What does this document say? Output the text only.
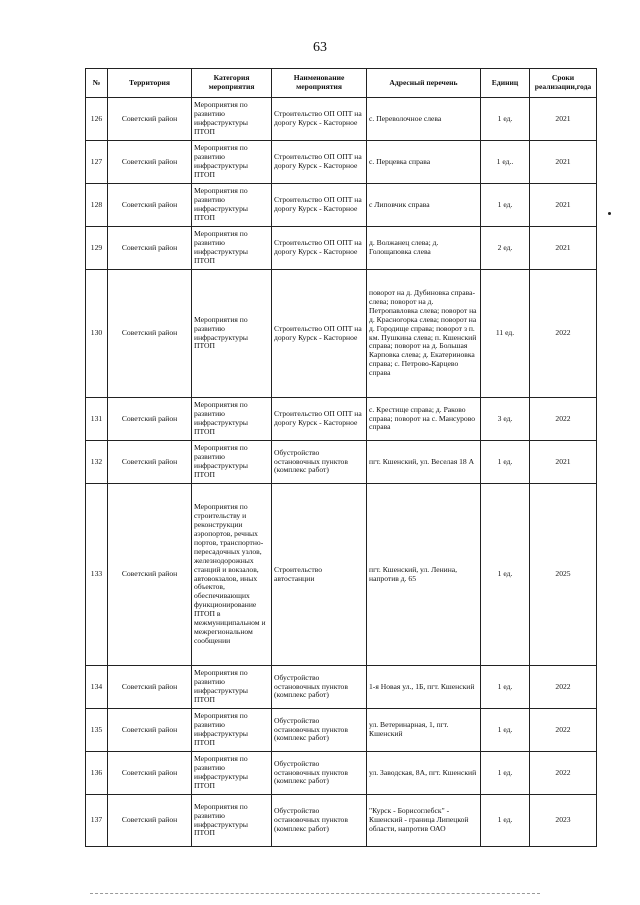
63
№	Территория	Категория мероприятия	Наименование мероприятия	Адресный перечень	Единиц	Сроки реализации,года
126	Советский район	Мероприятия по развитию инфраструктуры ПТОП	Строительство ОП ОПТ на дорогу Курск - Касторное	с. Переволочное слева	1 ед.	2021
127	Советский район	Мероприятия по развитию инфраструктуры ПТОП	Строительство ОП ОПТ на дорогу Курск - Касторное	с. Перцевка справа	1 ед..	2021
128	Советский район	Мероприятия по развитию инфраструктуры ПТОП	Строительство ОП ОПТ на дорогу Курск - Касторное	с Липовчик справа	1 ед.	2021
129	Советский район	Мероприятия по развитию инфраструктуры ПТОП	Строительство ОП ОПТ на дорогу Курск - Касторное	д. Волжанец слева; д. Голощаповка слева	2 ед.	2021
130	Советский район	Мероприятия по развитию инфраструктуры ПТОП	Строительство ОП ОПТ на дорогу Курск - Касторное	поворот на д. Дубиновка справа-слева; поворот на д. Петропавловка слева; поворот на д. Красногорка слева; поворот на д. Городище справа; поворот з п. км. Пушкина слева; п. Кшенский справа; поворот на д. Большая Карповка слева; д. Екатериновка справа; с. Петрово-Карцево справа	11 ед.	2022
131	Советский район	Мероприятия по развитию инфраструктуры ПТОП	Строительство ОП ОПТ на дорогу Курск - Касторное	с. Крестище справа; д. Раково справа; поворот на с. Мансурово справа	3 ед.	2022
132	Советский район	Мероприятия по развитию инфраструктуры ПТОП	Обустройство остановочных пунктов (комплекс работ)	пгт. Кшенский, ул. Веселая 18 А	1 ед.	2021
133	Советский район	Мероприятия по строительству и реконструкции аэропортов, речных портов, транспортно-пересадочных узлов, железнодорожных станций и вокзалов, автовокзалов, иных объектов, обеспечивающих функционирование ПТОП в межмуниципальном и межрегиональном сообщении	Строительство автостанции	пгт. Кшенский, ул. Ленина, напротив д. 65	1 ед.	2025
134	Советский район	Мероприятия по развитию инфраструктуры ПТОП	Обустройство остановочных пунктов (комплекс работ)	1-я Новая ул., 1Б, пгт. Кшенский	1 ед.	2022
135	Советский район	Мероприятия по развитию инфраструктуры ПТОП	Обустройство остановочных пунктов (комплекс работ)	ул. Ветеринарная, 1, пгт. Кшенский	1 ед.	2022
136	Советский район	Мероприятия по развитию инфраструктуры ПТОП	Обустройство остановочных пунктов (комплекс работ)	ул. Заводская, 8А, пгт. Кшенский	1 ед.	2022
137	Советский район	Мероприятия по развитию инфраструктуры ПТОП	Обустройство остановочных пунктов (комплекс работ)	"Курск - Борисоглебск" - Кшенский - граница Липецкой области, напротив ОАО	1 ед.	2023
